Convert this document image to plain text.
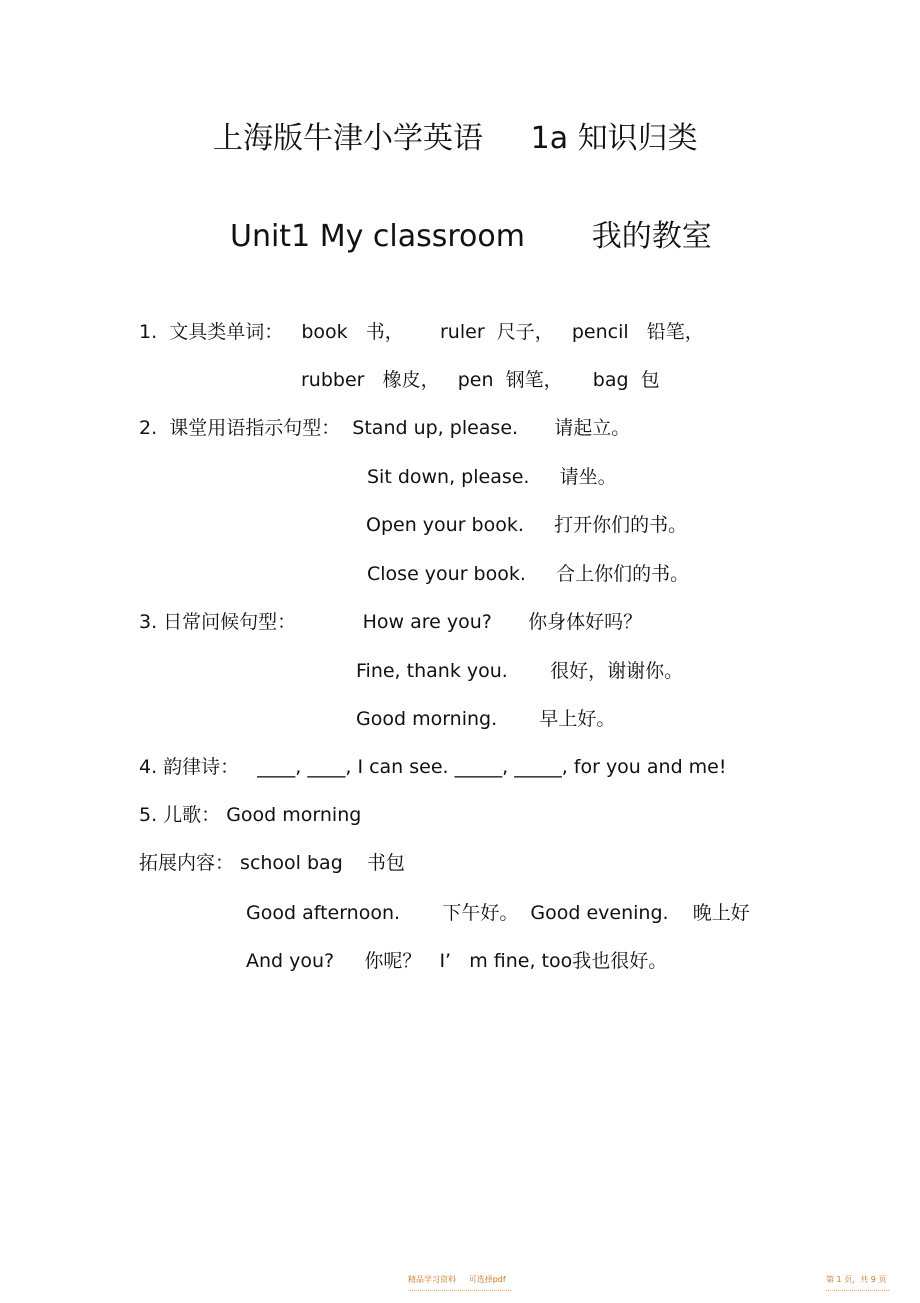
上海版牛津小学英语     1a 知识归类
Unit1 My classroom       我的教室
1.  文具类单词：   book   书，      ruler  尺子，   pencil   铅笔，
rubber   橡皮，   pen  钢笔，     bag  包
2.  课堂用语指示句型：  Stand up, please.      请起立。
Sit down, please.     请坐。
Open your book.     打开你们的书。
Close your book.     合上你们的书。
3. 日常问候句型：           How are you?      你身体好吗？
Fine, thank you.       很好，谢谢你。
Good morning.       早上好。
4. 韵律诗：   ____, ____, I can see. _____, _____, for you and me!
5. 儿歌： Good morning
拓展内容： school bag    书包
Good afternoon.       下午好。  Good evening.    晚上好
And you?     你呢？   I’   m fine, too我也很好。
精品学习资料     可选择pdf	第 1 页，共 9 页
